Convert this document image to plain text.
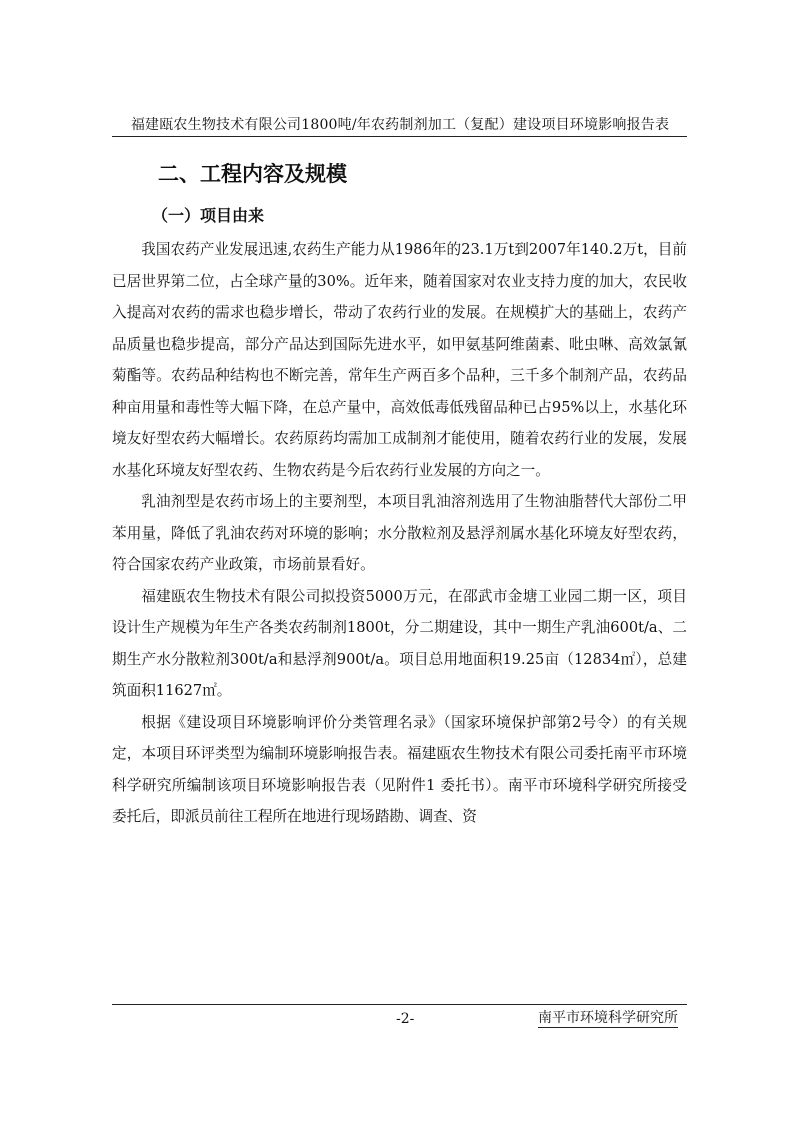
福建瓯农生物技术有限公司1800吨/年农药制剂加工（复配）建设项目环境影响报告表
二、工程内容及规模
（一）项目由来

我国农药产业发展迅速,农药生产能力从1986年的23.1万t到2007年140.2万t，目前已居世界第二位，占全球产量的30%。近年来，随着国家对农业支持力度的加大，农民收入提高对农药的需求也稳步增长，带动了农药行业的发展。在规模扩大的基础上，农药产品质量也稳步提高，部分产品达到国际先进水平，如甲氨基阿维菌素、吡虫啉、高效氯氰菊酯等。农药品种结构也不断完善，常年生产两百多个品种，三千多个制剂产品，农药品种亩用量和毒性等大幅下降，在总产量中，高效低毒低残留品种已占95%以上，水基化环境友好型农药大幅增长。农药原药均需加工成制剂才能使用，随着农药行业的发展，发展水基化环境友好型农药、生物农药是今后农药行业发展的方向之一。

乳油剂型是农药市场上的主要剂型，本项目乳油溶剂选用了生物油脂替代大部份二甲苯用量，降低了乳油农药对环境的影响；水分散粒剂及悬浮剂属水基化环境友好型农药，符合国家农药产业政策，市场前景看好。

福建瓯农生物技术有限公司拟投资5000万元，在邵武市金塘工业园二期一区，项目设计生产规模为年生产各类农药制剂1800t，分二期建设，其中一期生产乳油600t/a、二期生产水分散粒剂300t/a和悬浮剂900t/a。项目总用地面积19.25亩（12834㎡），总建筑面积11627㎡。

根据《建设项目环境影响评价分类管理名录》（国家环境保护部第2号令）的有关规定，本项目环评类型为编制环境影响报告表。福建瓯农生物技术有限公司委托南平市环境科学研究所编制该项目环境影响报告表（见附件1 委托书）。南平市环境科学研究所接受委托后，即派员前往工程所在地进行现场踏勘、调查、资

-2-	南平市环境科学研究所
